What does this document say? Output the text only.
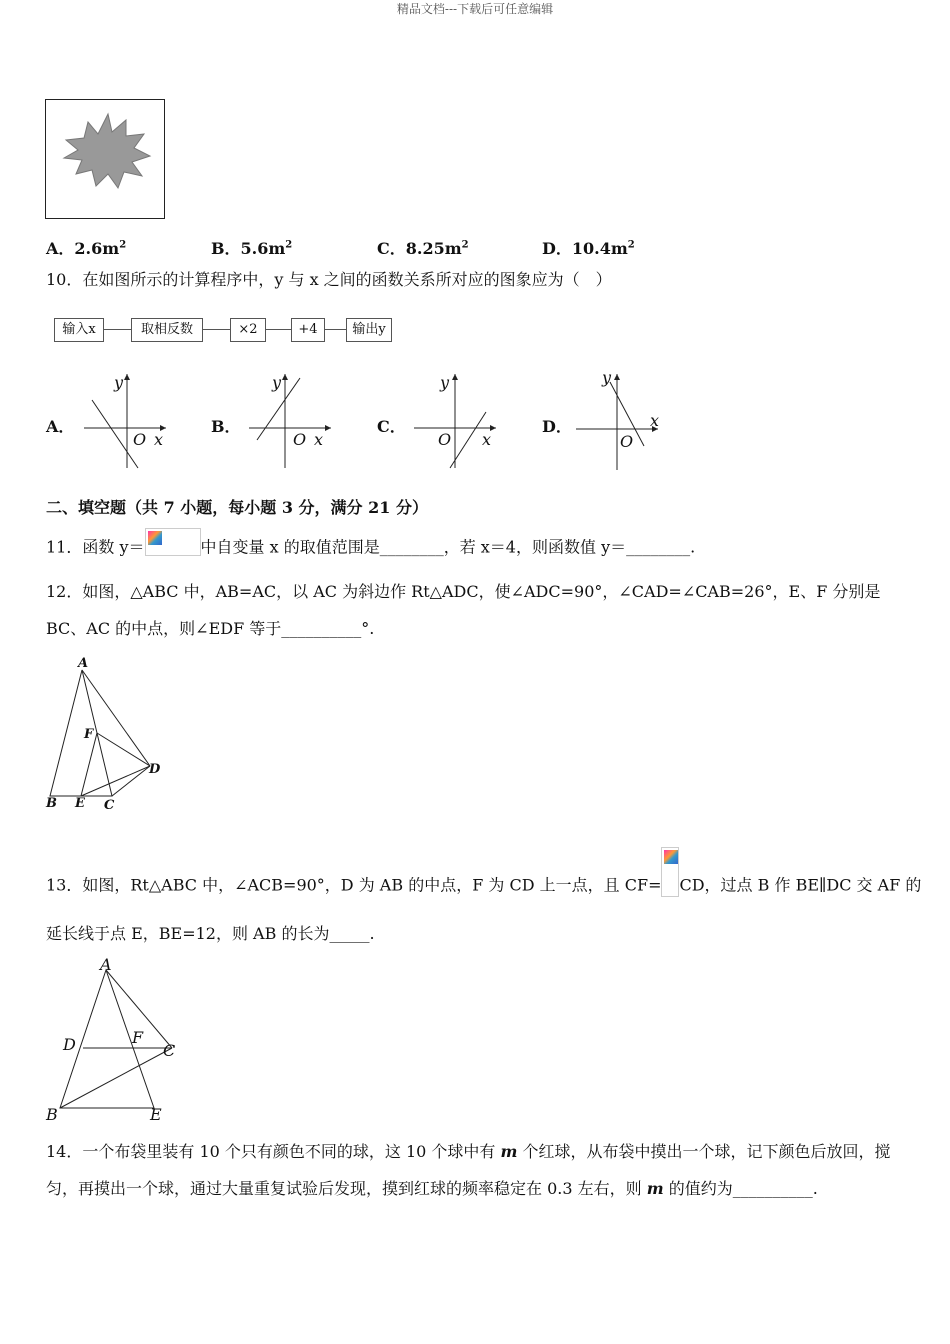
精品文档---下载后可任意编辑
A．$2.6m^2$	B．$5.6m^2$	C．$8.25m^2$	D．$10.4m^2$
10．在如图所示的计算程序中，y 与 x 之间的函数关系所对应的图象应为（　）
输入x	取相反数	×2	+4	输出y
A．
y
O x
B．
y
O x
C．
y
O x
D．
y
O
x
二、填空题（共 7 小题，每小题 3 分，满分 21 分）
11．函数 y＝	中自变量 x 的取值范围是________，若 x＝4，则函数值 y＝________.
12．如图，△ABC 中，AB=AC，以 AC 为斜边作 Rt△ADC，使∠ADC=90°，∠CAD=∠CAB=26°，E、F 分别是
BC、AC 的中点，则∠EDF 等于__________°.
A
F
D
B E C
13．如图，Rt△ABC 中，∠ACB=90°，D 为 AB 的中点，F 为 CD 上一点，且 CF= CD，过点 B 作 BE∥DC 交 AF 的
延长线于点 E，BE=12，则 AB 的长为_____.
A
D	F
C
B	E
14．一个布袋里装有 10 个只有颜色不同的球，这 10 个球中有 m 个红球，从布袋中摸出一个球，记下颜色后放回，搅
匀，再摸出一个球，通过大量重复试验后发现，摸到红球的频率稳定在 0.3 左右，则 m 的值约为__________.
